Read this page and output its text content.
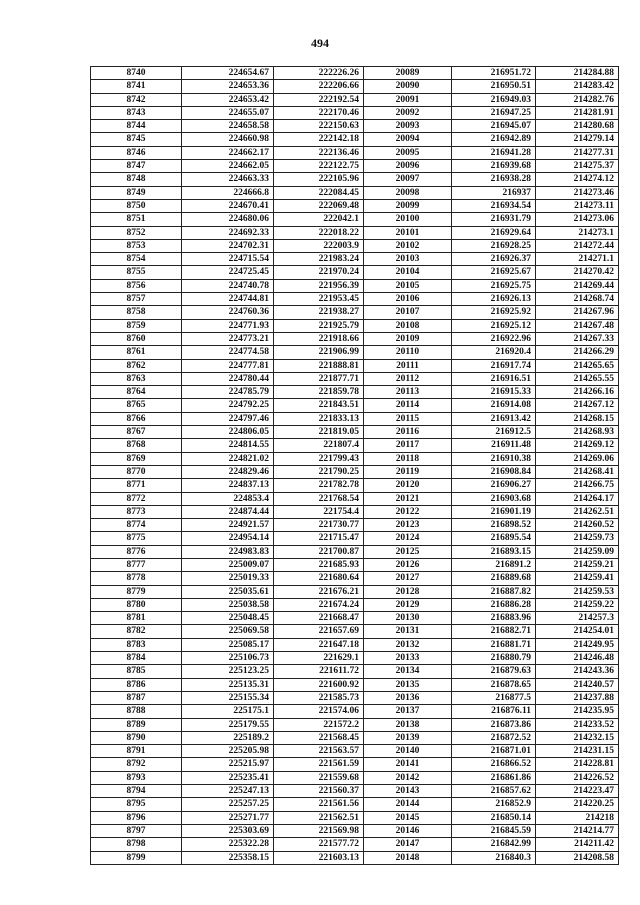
494
8740	224654.67	222226.26	20089	216951.72	214284.88
8741	224653.36	222206.66	20090	216950.51	214283.42
8742	224653.42	222192.54	20091	216949.03	214282.76
8743	224655.07	222170.46	20092	216947.25	214281.91
8744	224658.58	222150.63	20093	216945.07	214280.68
8745	224660.98	222142.18	20094	216942.89	214279.14
8746	224662.17	222136.46	20095	216941.28	214277.31
8747	224662.05	222122.75	20096	216939.68	214275.37
8748	224663.33	222105.96	20097	216938.28	214274.12
8749	224666.8	222084.45	20098	216937	214273.46
8750	224670.41	222069.48	20099	216934.54	214273.11
8751	224680.06	222042.1	20100	216931.79	214273.06
8752	224692.33	222018.22	20101	216929.64	214273.1
8753	224702.31	222003.9	20102	216928.25	214272.44
8754	224715.54	221983.24	20103	216926.37	214271.1
8755	224725.45	221970.24	20104	216925.67	214270.42
8756	224740.78	221956.39	20105	216925.75	214269.44
8757	224744.81	221953.45	20106	216926.13	214268.74
8758	224760.36	221938.27	20107	216925.92	214267.96
8759	224771.93	221925.79	20108	216925.12	214267.48
8760	224773.21	221918.66	20109	216922.96	214267.33
8761	224774.58	221906.99	20110	216920.4	214266.29
8762	224777.81	221888.81	20111	216917.74	214265.65
8763	224780.44	221877.71	20112	216916.51	214265.55
8764	224785.79	221859.78	20113	216915.33	214266.16
8765	224792.25	221843.51	20114	216914.08	214267.12
8766	224797.46	221833.13	20115	216913.42	214268.15
8767	224806.05	221819.05	20116	216912.5	214268.93
8768	224814.55	221807.4	20117	216911.48	214269.12
8769	224821.02	221799.43	20118	216910.38	214269.06
8770	224829.46	221790.25	20119	216908.84	214268.41
8771	224837.13	221782.78	20120	216906.27	214266.75
8772	224853.4	221768.54	20121	216903.68	214264.17
8773	224874.44	221754.4	20122	216901.19	214262.51
8774	224921.57	221730.77	20123	216898.52	214260.52
8775	224954.14	221715.47	20124	216895.54	214259.73
8776	224983.83	221700.87	20125	216893.15	214259.09
8777	225009.07	221685.93	20126	216891.2	214259.21
8778	225019.33	221680.64	20127	216889.68	214259.41
8779	225035.61	221676.21	20128	216887.82	214259.53
8780	225038.58	221674.24	20129	216886.28	214259.22
8781	225048.45	221668.47	20130	216883.96	214257.3
8782	225069.58	221657.69	20131	216882.71	214254.01
8783	225085.17	221647.18	20132	216881.71	214249.95
8784	225106.73	221629.1	20133	216880.79	214246.48
8785	225123.25	221611.72	20134	216879.63	214243.36
8786	225135.31	221600.92	20135	216878.65	214240.57
8787	225155.34	221585.73	20136	216877.5	214237.88
8788	225175.1	221574.06	20137	216876.11	214235.95
8789	225179.55	221572.2	20138	216873.86	214233.52
8790	225189.2	221568.45	20139	216872.52	214232.15
8791	225205.98	221563.57	20140	216871.01	214231.15
8792	225215.97	221561.59	20141	216866.52	214228.81
8793	225235.41	221559.68	20142	216861.86	214226.52
8794	225247.13	221560.37	20143	216857.62	214223.47
8795	225257.25	221561.56	20144	216852.9	214220.25
8796	225271.77	221562.51	20145	216850.14	214218
8797	225303.69	221569.98	20146	216845.59	214214.77
8798	225322.28	221577.72	20147	216842.99	214211.42
8799	225358.15	221603.13	20148	216840.3	214208.58
